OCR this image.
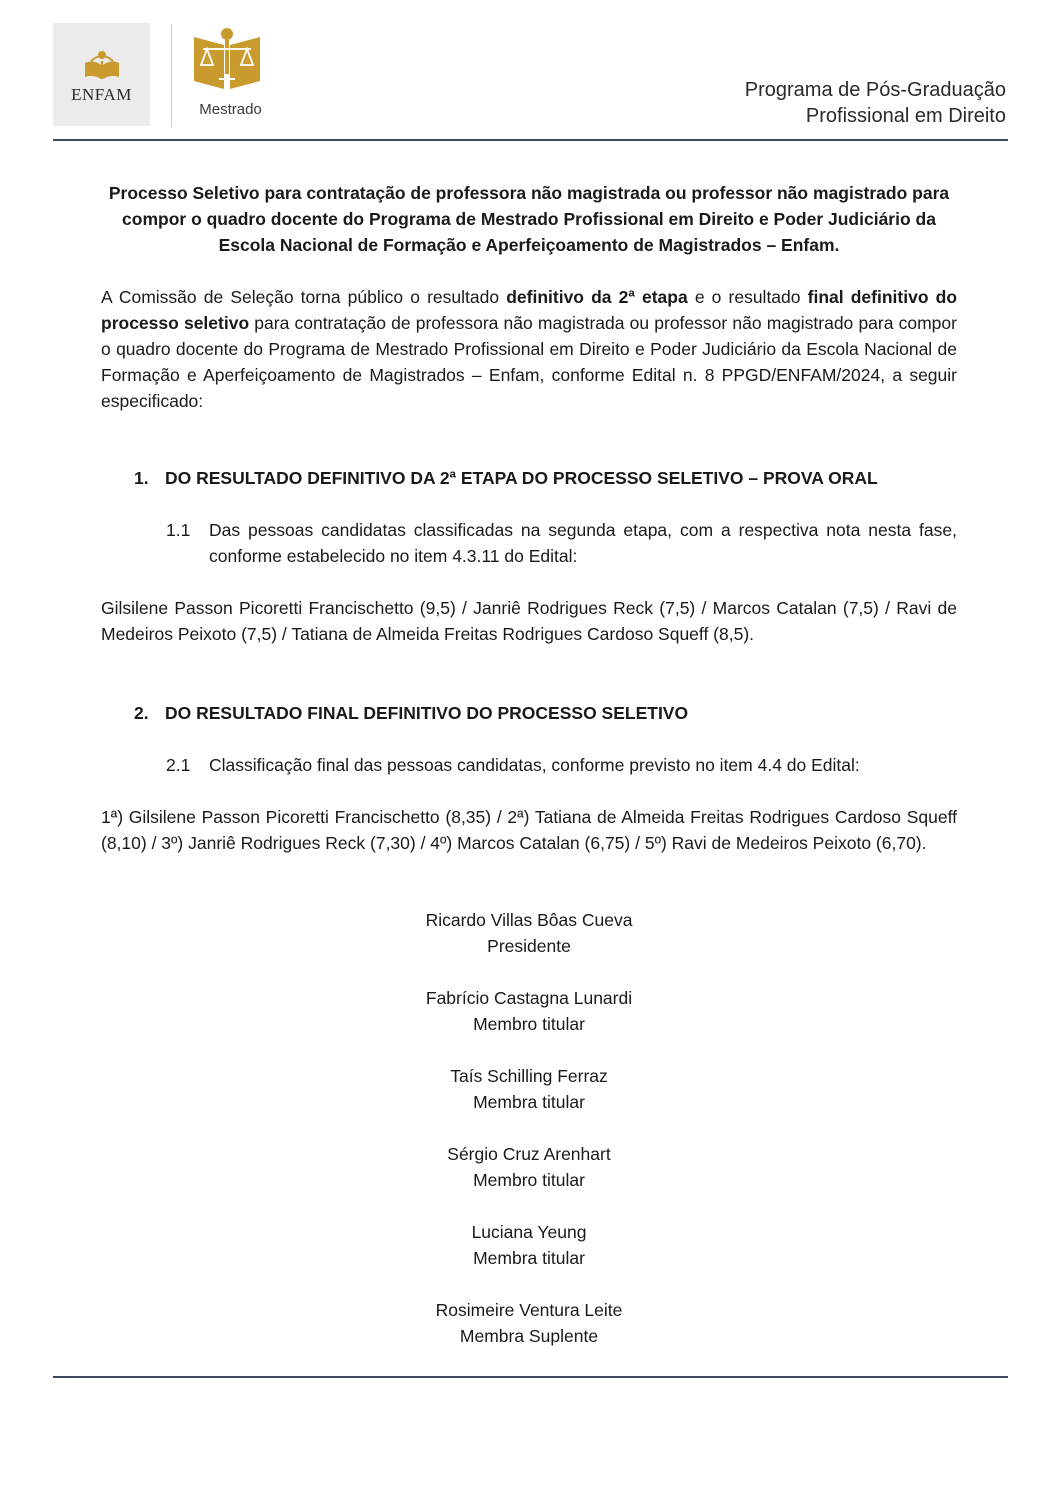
ENFAM
Mestrado
Programa de Pós-Graduação
Profissional em Direito
Processo Seletivo para contratação de professora não magistrada ou professor não magistrado para compor o quadro docente do Programa de Mestrado Profissional em Direito e Poder Judiciário da Escola Nacional de Formação e Aperfeiçoamento de Magistrados – Enfam.

A Comissão de Seleção torna público o resultado definitivo da 2ª etapa e o resultado final definitivo do processo seletivo para contratação de professora não magistrada ou professor não magistrado para compor o quadro docente do Programa de Mestrado Profissional em Direito e Poder Judiciário da Escola Nacional de Formação e Aperfeiçoamento de Magistrados – Enfam, conforme Edital n. 8 PPGD/ENFAM/2024, a seguir especificado:

1. DO RESULTADO DEFINITIVO DA 2ª ETAPA DO PROCESSO SELETIVO – PROVA ORAL
1.1 Das pessoas candidatas classificadas na segunda etapa, com a respectiva nota nesta fase, conforme estabelecido no item 4.3.11 do Edital:

Gilsilene Passon Picoretti Francischetto (9,5) / Janriê Rodrigues Reck (7,5) / Marcos Catalan (7,5) / Ravi de Medeiros Peixoto (7,5) / Tatiana de Almeida Freitas Rodrigues Cardoso Squeff (8,5).

2. DO RESULTADO FINAL DEFINITIVO DO PROCESSO SELETIVO
2.1 Classificação final das pessoas candidatas, conforme previsto no item 4.4 do Edital:

1ª) Gilsilene Passon Picoretti Francischetto (8,35) / 2ª) Tatiana de Almeida Freitas Rodrigues Cardoso Squeff (8,10) / 3º) Janriê Rodrigues Reck (7,30) / 4º) Marcos Catalan (6,75) / 5º) Ravi de Medeiros Peixoto (6,70).

Ricardo Villas Bôas Cueva
Presidente
Fabrício Castagna Lunardi
Membro titular
Taís Schilling Ferraz
Membra titular
Sérgio Cruz Arenhart
Membro titular
Luciana Yeung
Membra titular
Rosimeire Ventura Leite
Membra Suplente
